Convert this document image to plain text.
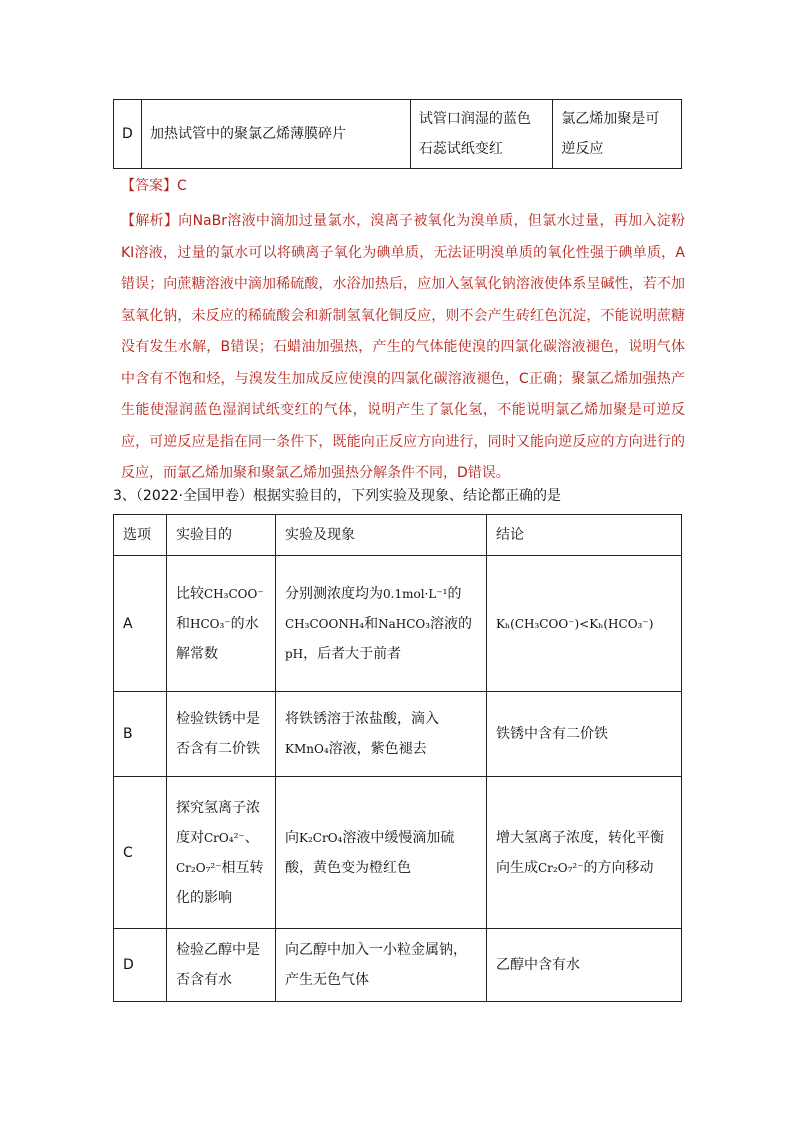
D	加热试管中的聚氯乙烯薄膜碎片	试管口润湿的蓝色石蕊试纸变红	氯乙烯加聚是可逆反应
【答案】C
【解析】向NaBr溶液中滴加过量氯水，溴离子被氧化为溴单质，但氯水过量，再加入淀粉KI溶液，过量的氯水可以将碘离子氧化为碘单质，无法证明溴单质的氧化性强于碘单质，A错误；向蔗糖溶液中滴加稀硫酸，水浴加热后，应加入氢氧化钠溶液使体系呈碱性，若不加氢氧化钠，未反应的稀硫酸会和新制氢氧化铜反应，则不会产生砖红色沉淀，不能说明蔗糖没有发生水解，B错误；石蜡油加强热，产生的气体能使溴的四氯化碳溶液褪色，说明气体中含有不饱和烃，与溴发生加成反应使溴的四氯化碳溶液褪色，C正确；聚氯乙烯加强热产生能使湿润蓝色湿润试纸变红的气体，说明产生了氯化氢，不能说明氯乙烯加聚是可逆反应，可逆反应是指在同一条件下，既能向正反应方向进行，同时又能向逆反应的方向进行的反应，而氯乙烯加聚和聚氯乙烯加强热分解条件不同，D错误。
3、（2022·全国甲卷）根据实验目的，下列实验及现象、结论都正确的是
选项	实验目的	实验及现象	结论
A	比较CH₃COO⁻
和HCO₃⁻的水解常数	分别测浓度均为0.1mol·L⁻¹的
CH₃COONH₄和NaHCO₃溶液的
pH，后者大于前者	Kₕ(CH₃COO⁻)<Kₕ(HCO₃⁻)
B	检验铁锈中是否含有二价铁	将铁锈溶于浓盐酸，滴入
KMnO₄溶液，紫色褪去	铁锈中含有二价铁
C	探究氢离子浓度对CrO₄²⁻、
Cr₂O₇²⁻相互转化的影响	向K₂CrO₄溶液中缓慢滴加硫酸，黄色变为橙红色	增大氢离子浓度，转化平衡向生成Cr₂O₇²⁻的方向移动
D	检验乙醇中是否含有水	向乙醇中加入一小粒金属钠，产生无色气体	乙醇中含有水
